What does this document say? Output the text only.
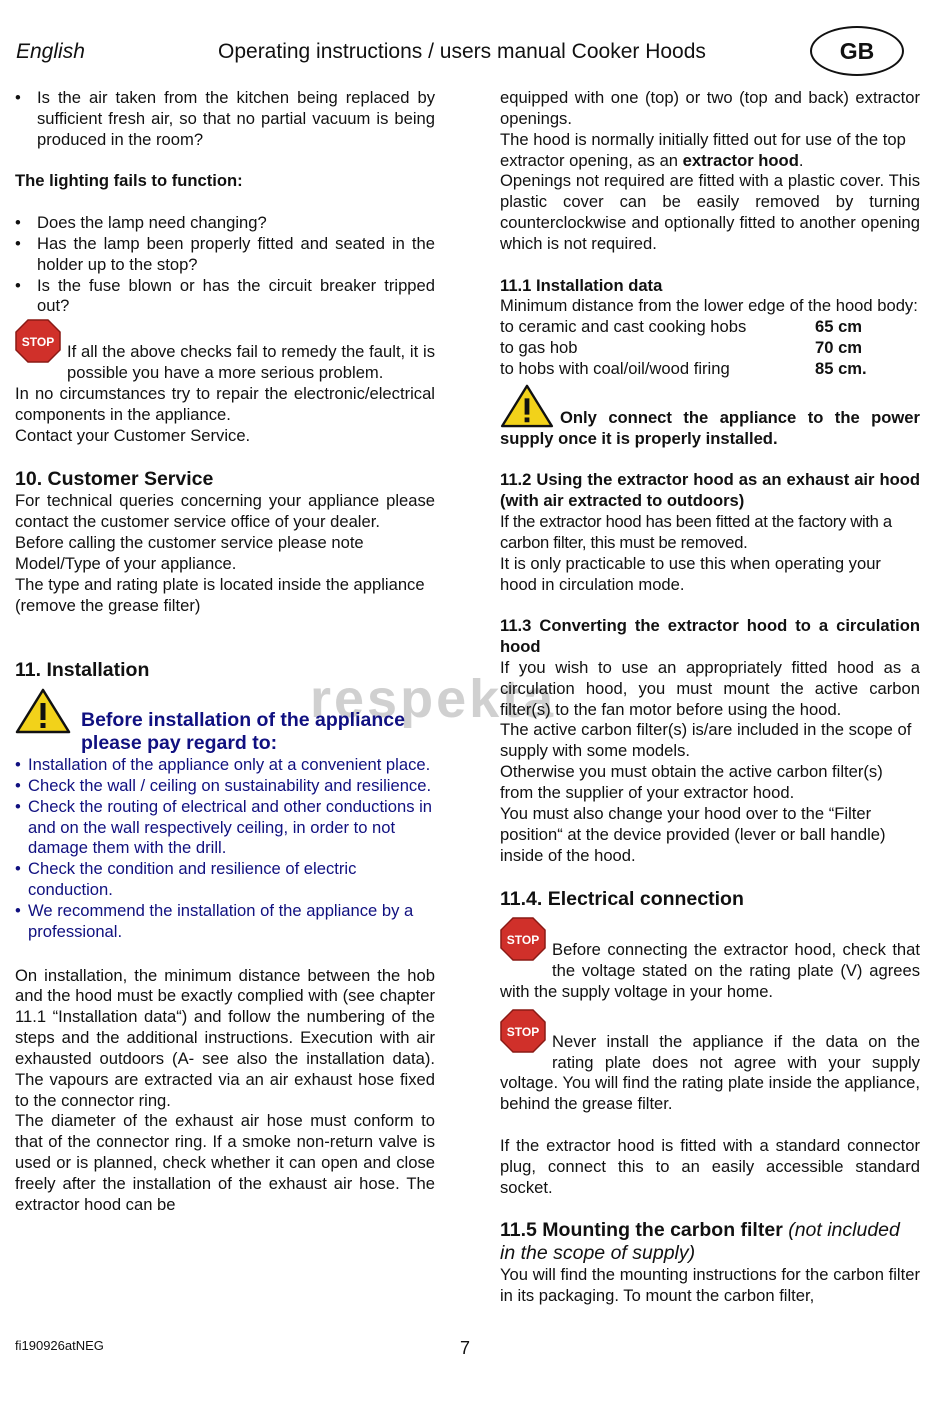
English	Operating instructions / users manual Cooker Hoods	GB
respekta
• Is the air taken from the kitchen being replaced by sufficient fresh air, so that no partial vacuum is being produced in the room?

The lighting fails to function:

• Does the lamp need changing?
• Has the lamp been properly fitted and seated in the holder up to the stop?
• Is the fuse blown or has the circuit breaker tripped out?
STOP If all the above checks fail to remedy the fault, it is possible you have a more serious problem.

In no circumstances try to repair the electronic/electrical components in the appliance.

Contact your Customer Service.

10. Customer Service

For technical queries concerning your appliance please contact the customer service office of your dealer.

Before calling the customer service please note Model/Type of your appliance.

The type and rating plate is located inside the appliance (remove the grease filter)

11. Installation

Before installation of the appliance please pay regard to:

• Installation of the appliance only at a convenient place.
• Check the wall / ceiling on sustainability and resilience.
• Check the routing of electrical and other conductions in and on the wall respectively ceiling, in order to not damage them with the drill.
• Check the condition and resilience of electric conduction.
• We recommend the installation of the appliance by a professional.

On installation, the minimum distance between the hob and the hood must be exactly complied with (see chapter 11.1 “Installation data“) and follow the numbering of the steps and the additional instructions. Execution with air exhausted outdoors (A- see also the installation data). The vapours are extracted via an air exhaust hose fixed to the connector ring.

The diameter of the exhaust air hose must conform to that of the connector ring. If a smoke non-return valve is used or is planned, check whether it can open and close freely after the installation of the exhaust air hose. The extractor hood can be

equipped with one (top) or two (top and back) extractor openings.

The hood is normally initially fitted out for use of the top extractor opening, as an extractor hood.

Openings not required are fitted with a plastic cover. This plastic cover can be easily removed by turning counterclockwise and optionally fitted to another opening which is not required.

11.1 Installation data

Minimum distance from the lower edge of the hood body:

to ceramic and cast cooking hobs	65 cm
to gas hob	70 cm
to hobs with coal/oil/wood firing	85 cm.

Only connect the appliance to the power supply once it is properly installed.

11.2 Using the extractor hood as an exhaust air hood (with air extracted to outdoors)

If the extractor hood has been fitted at the factory with a carbon filter, this must be removed.

It is only practicable to use this when operating your hood in circulation mode.

11.3 Converting the extractor hood to a circulation hood

If you wish to use an appropriately fitted hood as a circulation hood, you must mount the active carbon filter(s) to the fan motor before using the hood.

The active carbon filter(s) is/are included in the scope of supply with some models.

Otherwise you must obtain the active carbon filter(s) from the supplier of your extractor hood.

You must also change your hood over to the “Filter position“ at the device provided (lever or ball handle) inside of the hood.

11.4. Electrical connection

STOP Before connecting the extractor hood, check that the voltage stated on the rating plate (V) agrees with the supply voltage in your home.

STOP Never install the appliance if the data on the rating plate does not agree with your supply voltage. You will find the rating plate inside the appliance, behind the grease filter.

If the extractor hood is fitted with a standard connector plug, connect this to an easily accessible standard socket.

11.5 Mounting the carbon filter (not included in the scope of supply)

You will find the mounting instructions for the carbon filter in its packaging. To mount the carbon filter,

fi190926atNEG	7
